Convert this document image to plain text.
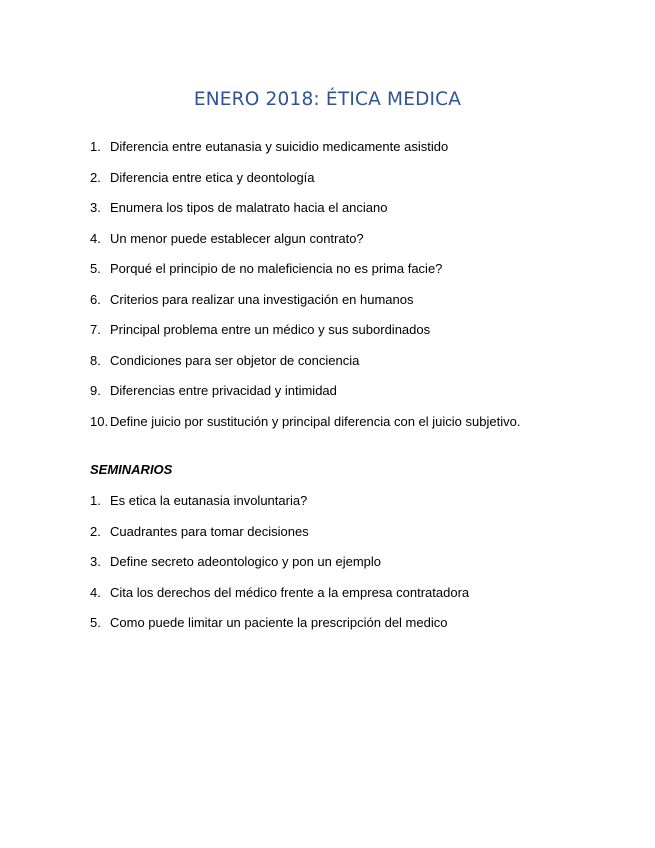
ENERO 2018: ÉTICA MEDICA
1. Diferencia entre eutanasia y suicidio medicamente asistido
2. Diferencia entre etica y deontología
3. Enumera los tipos de malatrato hacia el anciano
4. Un menor puede establecer algun contrato?
5. Porqué el principio de no maleficiencia no es prima facie?
6. Criterios para realizar una investigación en humanos
7. Principal problema entre un médico y sus subordinados
8. Condiciones para ser objetor de conciencia
9. Diferencias entre privacidad y intimidad
10. Define juicio por sustitución y principal diferencia con el juicio subjetivo.
SEMINARIOS
1. Es etica la eutanasia involuntaria?
2. Cuadrantes para tomar decisiones
3. Define secreto adeontologico y pon un ejemplo
4. Cita los derechos del médico frente a la empresa contratadora
5. Como puede limitar un paciente la prescripción del medico
